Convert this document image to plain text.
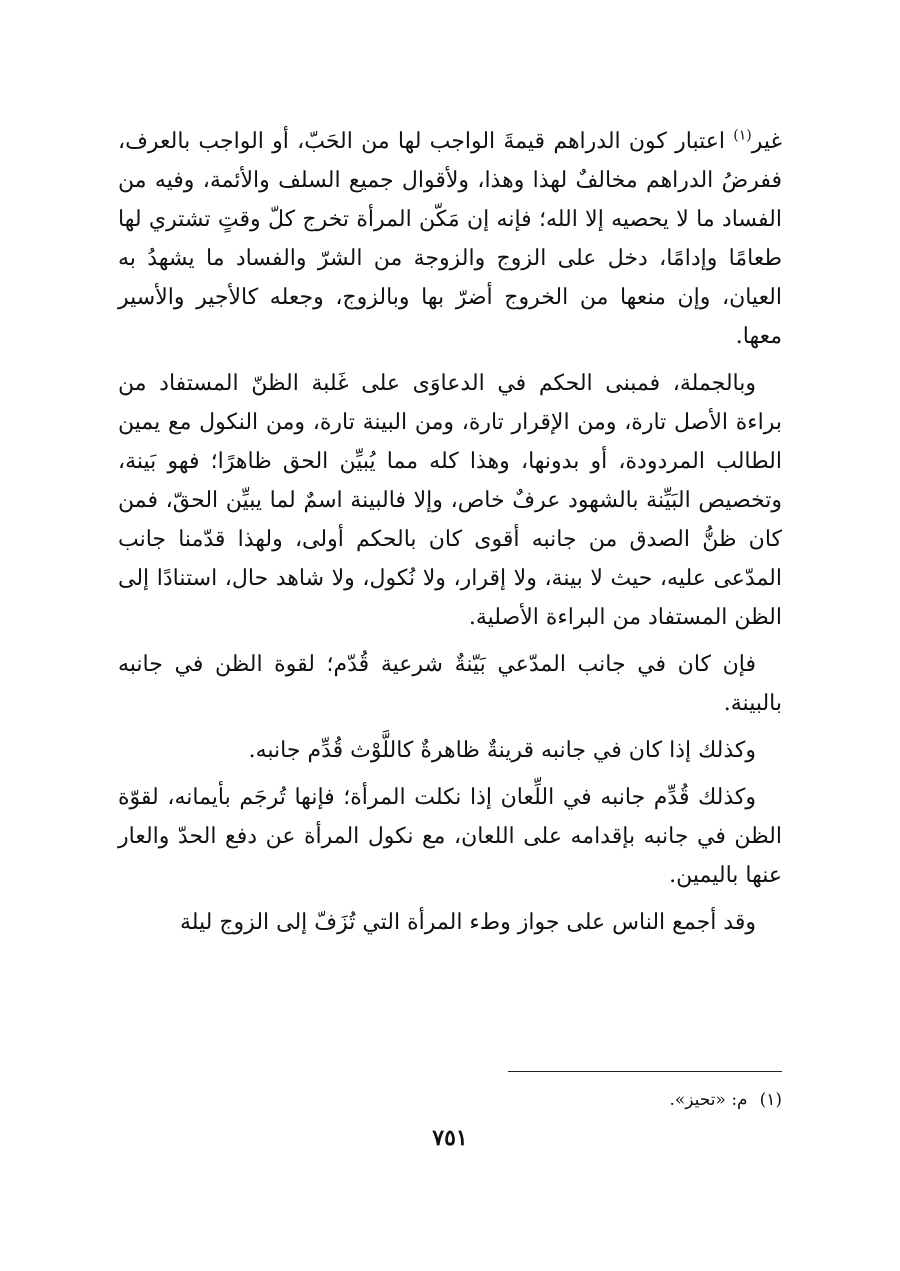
غير$^{(١)}$ اعتبار كون الدراهم قيمةَ الواجب لها من الحَبّ، أو الواجب بالعرف، ففرضُ الدراهم مخالفٌ لهذا وهذا، ولأقوال جميع السلف والأئمة، وفيه من الفساد ما لا يحصيه إلا الله؛ فإنه إن مَكّن المرأة تخرج كلّ وقتٍ تشتري لها طعامًا وإدامًا، دخل على الزوج والزوجة من الشرّ والفساد ما يشهدُ به العيان، وإن منعها من الخروج أضرّ بها وبالزوج، وجعله كالأجير والأسير معها.

وبالجملة، فمبنى الحكم في الدعاوَى على غَلبة الظنّ المستفاد من براءة الأصل تارة، ومن الإقرار تارة، ومن البينة تارة، ومن النكول مع يمين الطالب المردودة، أو بدونها، وهذا كله مما يُبيِّن الحق ظاهرًا؛ فهو بَينة، وتخصيص البَيِّنة بالشهود عرفٌ خاص، وإلا فالبينة اسمٌ لما يبيِّن الحقّ، فمن كان ظنُّ الصدق من جانبه أقوى كان بالحكم أولى، ولهذا قدّمنا جانب المدّعى عليه، حيث لا بينة، ولا إقرار، ولا نُكول، ولا شاهد حال، استنادًا إلى الظن المستفاد من البراءة الأصلية.

فإن كان في جانب المدّعي بَيّنةٌ شرعية قُدّم؛ لقوة الظن في جانبه بالبينة.

وكذلك إذا كان في جانبه قرينةٌ ظاهرةٌ كاللَّوْث قُدِّم جانبه.

وكذلك قُدِّم جانبه في اللِّعان إذا نكلت المرأة؛ فإنها تُرجَم بأيمانه، لقوّة الظن في جانبه بإقدامه على اللعان، مع نكول المرأة عن دفع الحدّ والعار عنها باليمين.

وقد أجمع الناس على جواز وطء المرأة التي تُزَفّ إلى الزوج ليلة

(١)م: «تحيز».
٧٥١
